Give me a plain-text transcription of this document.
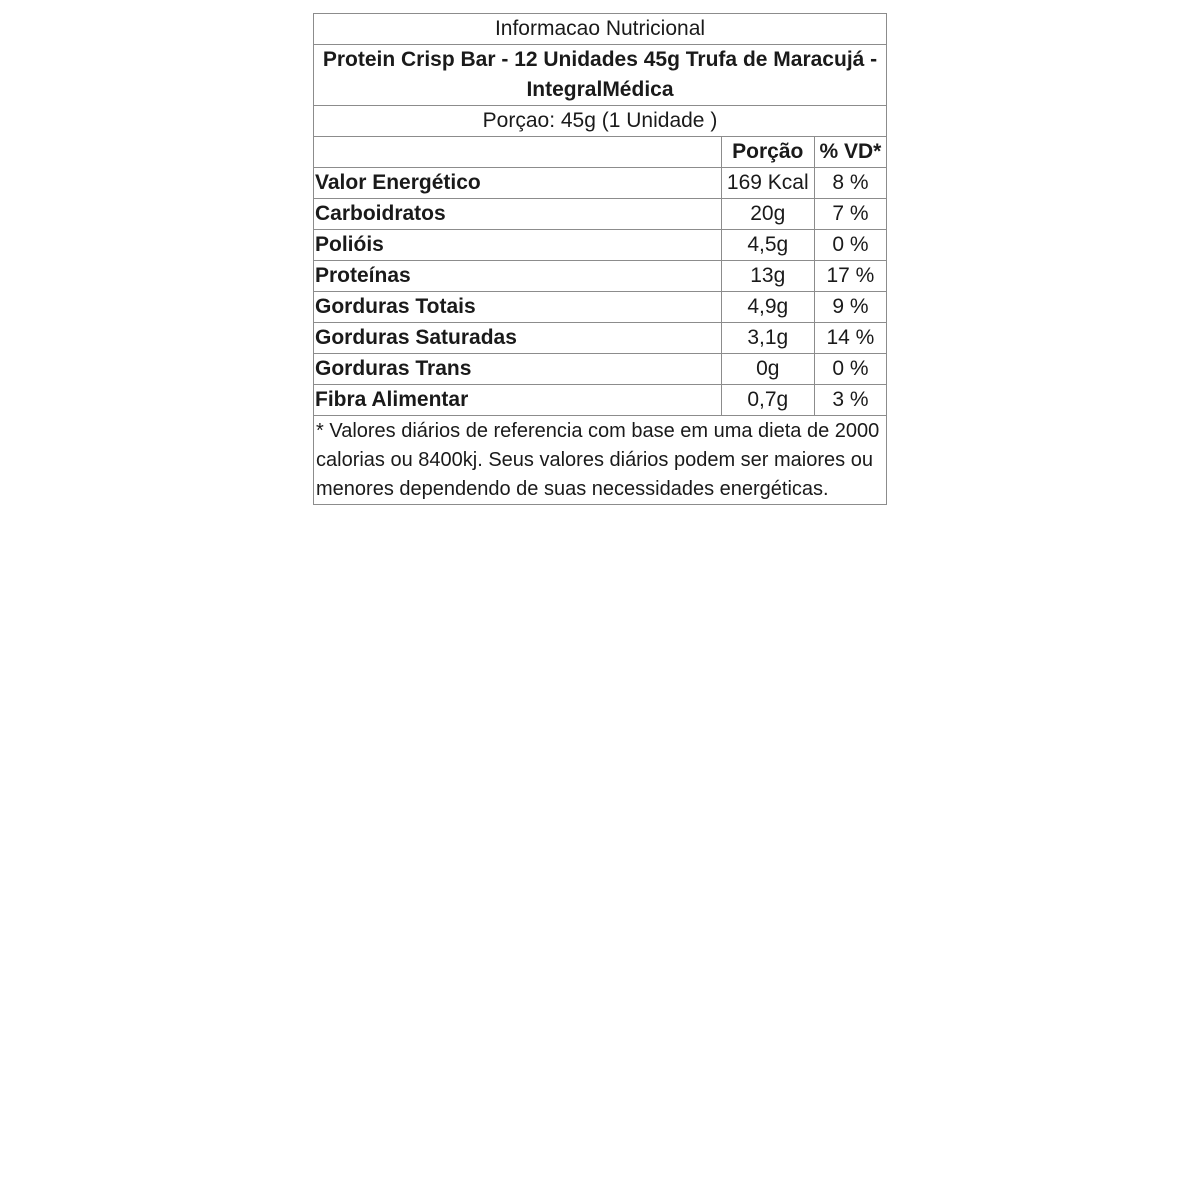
Informacao Nutricional		
Protein Crisp Bar - 12 Unidades 45g Trufa de Maracujá - IntegralMédica		
Porçao: 45g (1 Unidade )		
	Porção	% VD*
Valor Energético	169 Kcal	8 %
Carboidratos	20g	7 %
Polióis	4,5g	0 %
Proteínas	13g	17 %
Gorduras Totais	4,9g	9 %
Gorduras Saturadas	3,1g	14 %
Gorduras Trans	0g	0 %
Fibra Alimentar	0,7g	3 %
* Valores diários de referencia com base em uma dieta de 2000 calorias ou 8400kj. Seus valores diários podem ser maiores ou menores dependendo de suas necessidades energéticas.		
